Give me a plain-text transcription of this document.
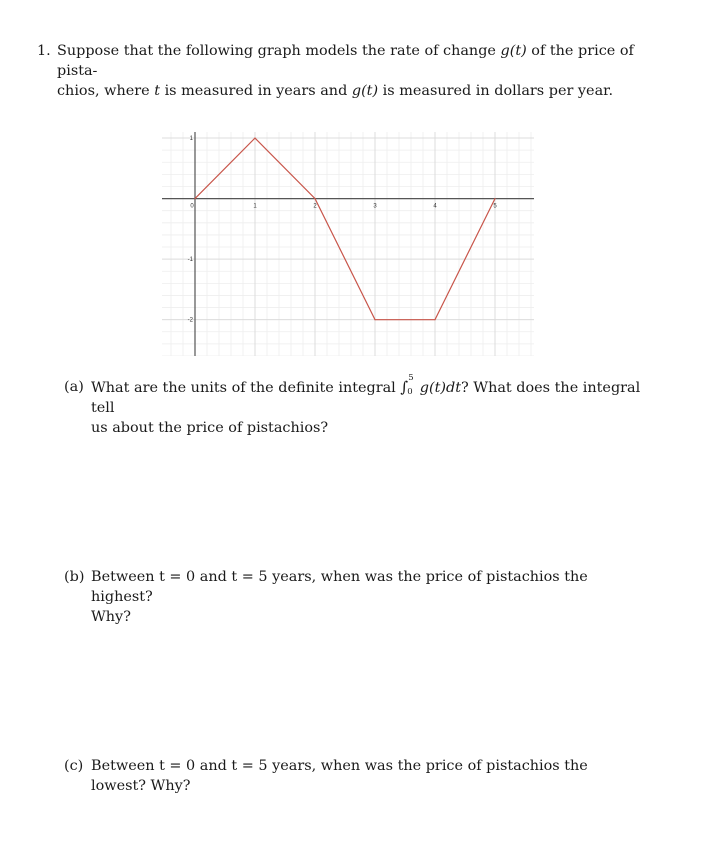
1. Suppose that the following graph models the rate of change g(t) of the price of pista-
chios, where t is measured in years and g(t) is measured in dollars per year.
0	1	2	3	4	5
1
-1
-2
(a) What are the units of the definite integral ∫ 5
0 g(t)dt? What does the integral tell
us about the price of pistachios?
(b) Between t = 0 and t = 5 years, when was the price of pistachios the highest?
Why?
(c) Between t = 0 and t = 5 years, when was the price of pistachios the lowest? Why?
